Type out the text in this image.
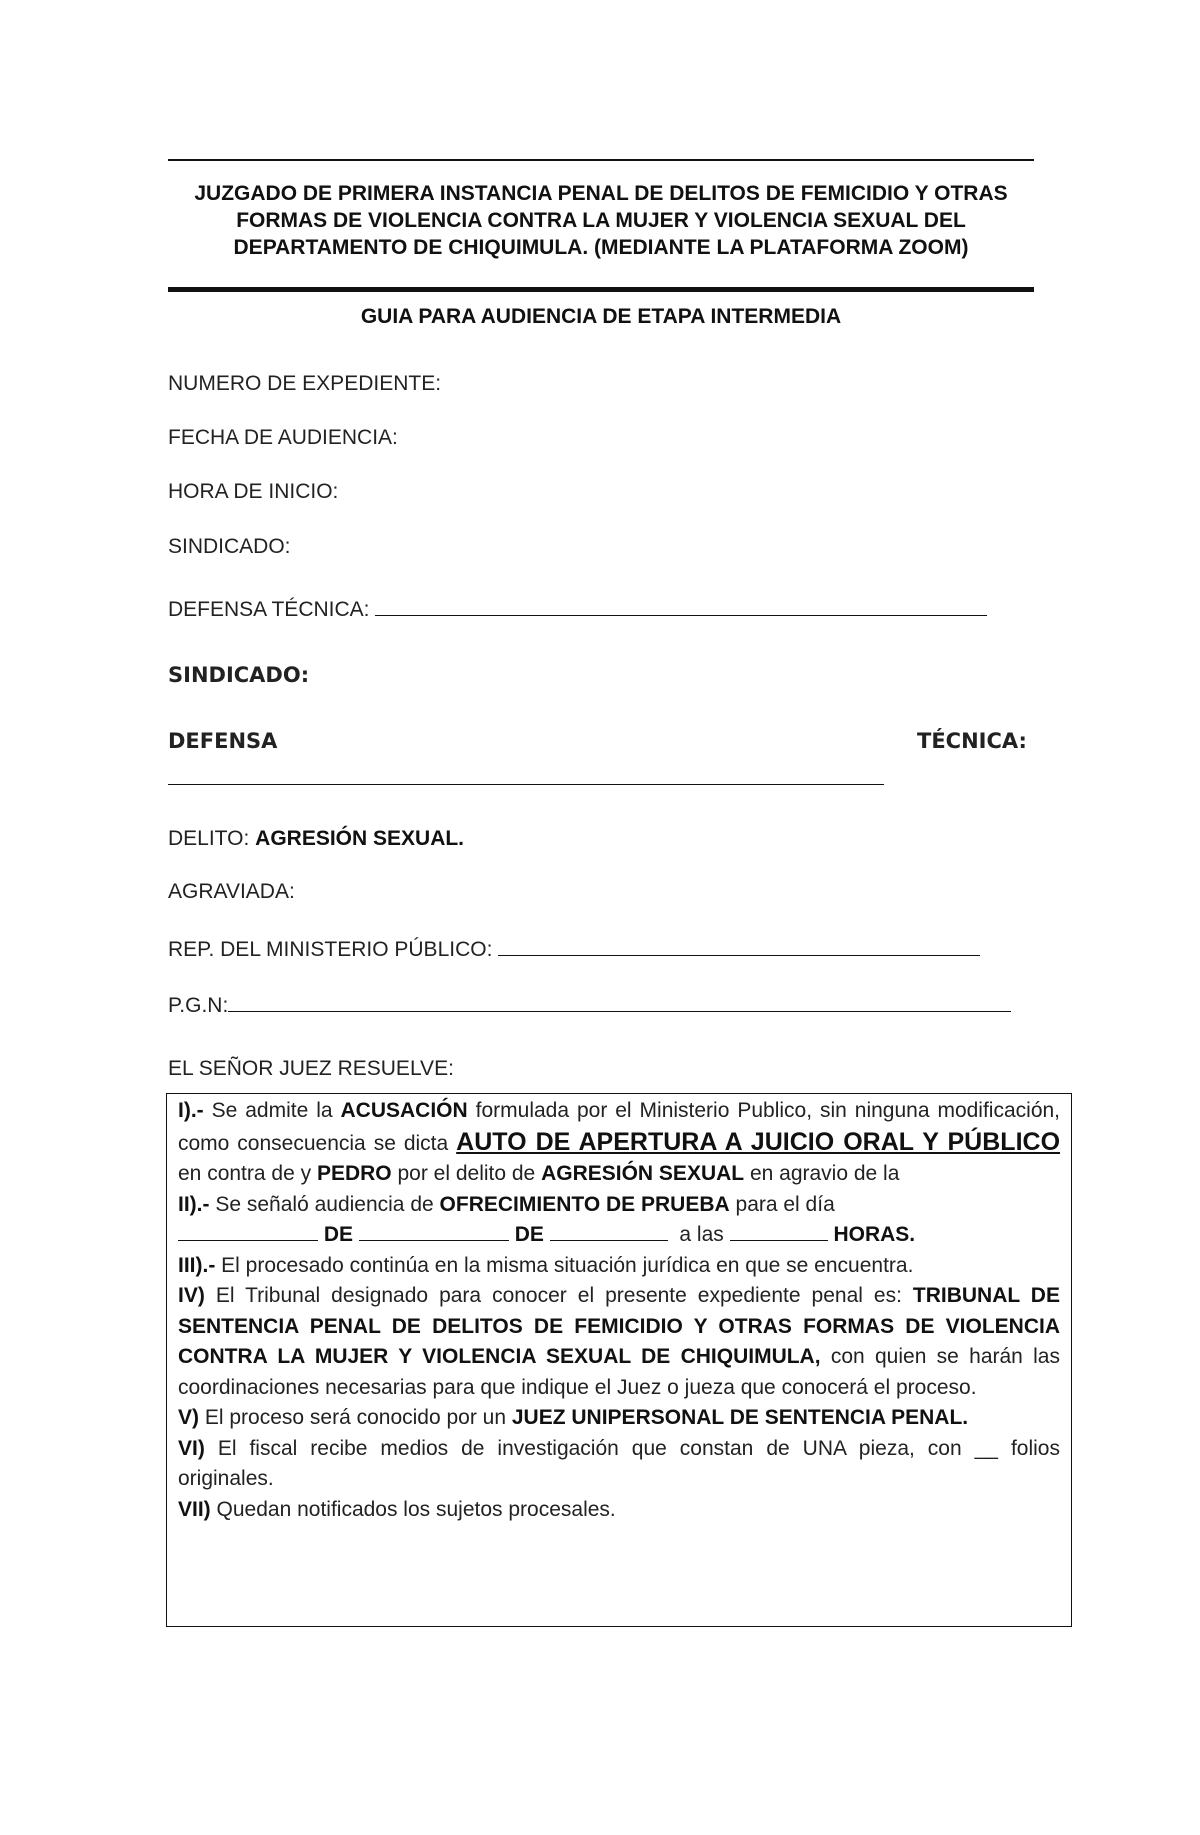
JUZGADO DE PRIMERA INSTANCIA PENAL DE DELITOS DE FEMICIDIO Y OTRAS FORMAS DE VIOLENCIA CONTRA LA MUJER Y VIOLENCIA SEXUAL DEL DEPARTAMENTO DE CHIQUIMULA. (MEDIANTE LA PLATAFORMA ZOOM)
GUIA PARA AUDIENCIA DE ETAPA INTERMEDIA
NUMERO DE EXPEDIENTE:
FECHA DE AUDIENCIA:
HORA DE INICIO:
SINDICADO:
DEFENSA TÉCNICA:
SINDICADO:
DEFENSA	TÉCNICA:
DELITO: AGRESIÓN SEXUAL.
AGRAVIADA:
REP. DEL MINISTERIO PÚBLICO:
P.G.N:
EL SEÑOR JUEZ RESUELVE:

I).- Se admite la ACUSACIÓN formulada por el Ministerio Publico, sin ninguna modificación, como consecuencia se dicta AUTO DE APERTURA A JUICIO ORAL Y PÚBLICO en contra de y PEDRO por el delito de AGRESIÓN SEXUAL en agravio de la

II).- Se señaló audiencia de OFRECIMIENTO DE PRUEBA para el día

DE	DE	a las	HORAS.

III).- El procesado continúa en la misma situación jurídica en que se encuentra.

IV) El Tribunal designado para conocer el presente expediente penal es: TRIBUNAL DE SENTENCIA PENAL DE DELITOS DE FEMICIDIO Y OTRAS FORMAS DE VIOLENCIA CONTRA LA MUJER Y VIOLENCIA SEXUAL DE CHIQUIMULA, con quien se harán las coordinaciones necesarias para que indique el Juez o jueza que conocerá el proceso.

V) El proceso será conocido por un JUEZ UNIPERSONAL DE SENTENCIA PENAL.

VI) El fiscal recibe medios de investigación que constan de UNA pieza, con __ folios originales.

VII) Quedan notificados los sujetos procesales.
